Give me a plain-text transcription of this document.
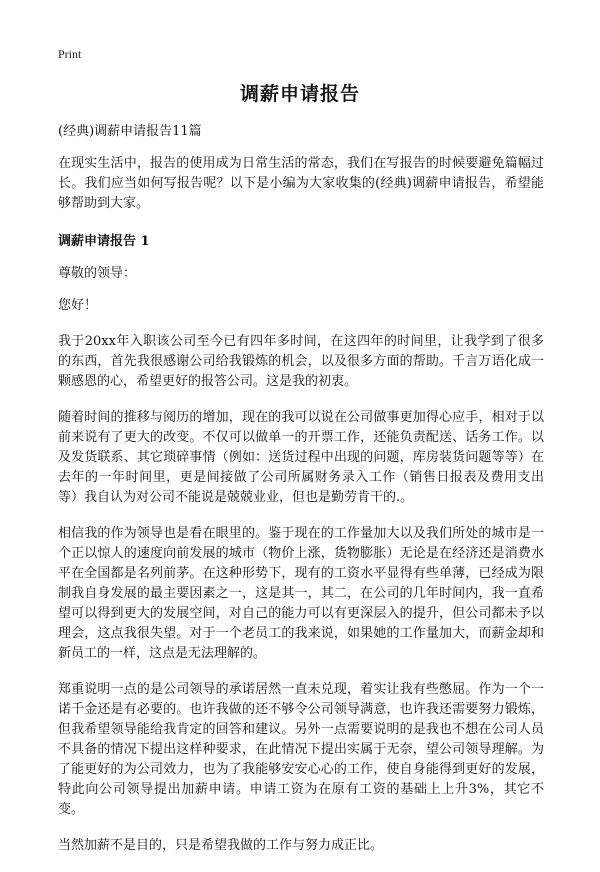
Print
调薪申请报告

(经典)调薪申请报告11篇

在现实生活中，报告的使用成为日常生活的常态，我们在写报告的时候要避免篇幅过长。我们应当如何写报告呢？以下是小编为大家收集的(经典)调薪申请报告，希望能够帮助到大家。

调薪申请报告 1

尊敬的领导：

您好！

我于20xx年入职该公司至今已有四年多时间，在这四年的时间里，让我学到了很多的东西，首先我很感谢公司给我锻炼的机会，以及很多方面的帮助。千言万语化成一颗感恩的心，希望更好的报答公司。这是我的初衷。

随着时间的推移与阅历的增加，现在的我可以说在公司做事更加得心应手，相对于以前来说有了更大的改变。不仅可以做单一的开票工作，还能负责配送、话务工作。以及发货联系、其它琐碎事情（例如：送货过程中出现的问题，库房装货问题等等）在去年的一年时间里，更是间接做了公司所属财务录入工作（销售日报表及费用支出等）我自认为对公司不能说是兢兢业业，但也是勤劳肯干的.。

相信我的作为领导也是看在眼里的。鉴于现在的工作量加大以及我们所处的城市是一个正以惊人的速度向前发展的城市（物价上涨，货物膨胀）无论是在经济还是消费水平在全国都是名列前茅。在这种形势下，现有的工资水平显得有些单薄，已经成为限制我自身发展的最主要因素之一，这是其一，其二，在公司的几年时间内，我一直希望可以得到更大的发展空间，对自己的能力可以有更深层入的提升，但公司都未予以理会，这点我很失望。对于一个老员工的我来说，如果她的工作量加大，而薪金却和新员工的一样，这点是无法理解的。

郑重说明一点的是公司领导的承诺居然一直未兑现，着实让我有些憋屈。作为一个一诺千金还是有必要的。也许我做的还不够令公司领导满意，也许我还需要努力锻炼，但我希望领导能给我肯定的回答和建议。另外一点需要说明的是我也不想在公司人员不具备的情况下提出这样种要求，在此情况下提出实属于无奈，望公司领导理解。为了能更好的为公司效力，也为了我能够安安心心的工作，使自身能得到更好的发展，特此向公司领导提出加薪申请。申请工资为在原有工资的基础上上升3%，其它不变。

当然加薪不是目的，只是希望我做的工作与努力成正比。
